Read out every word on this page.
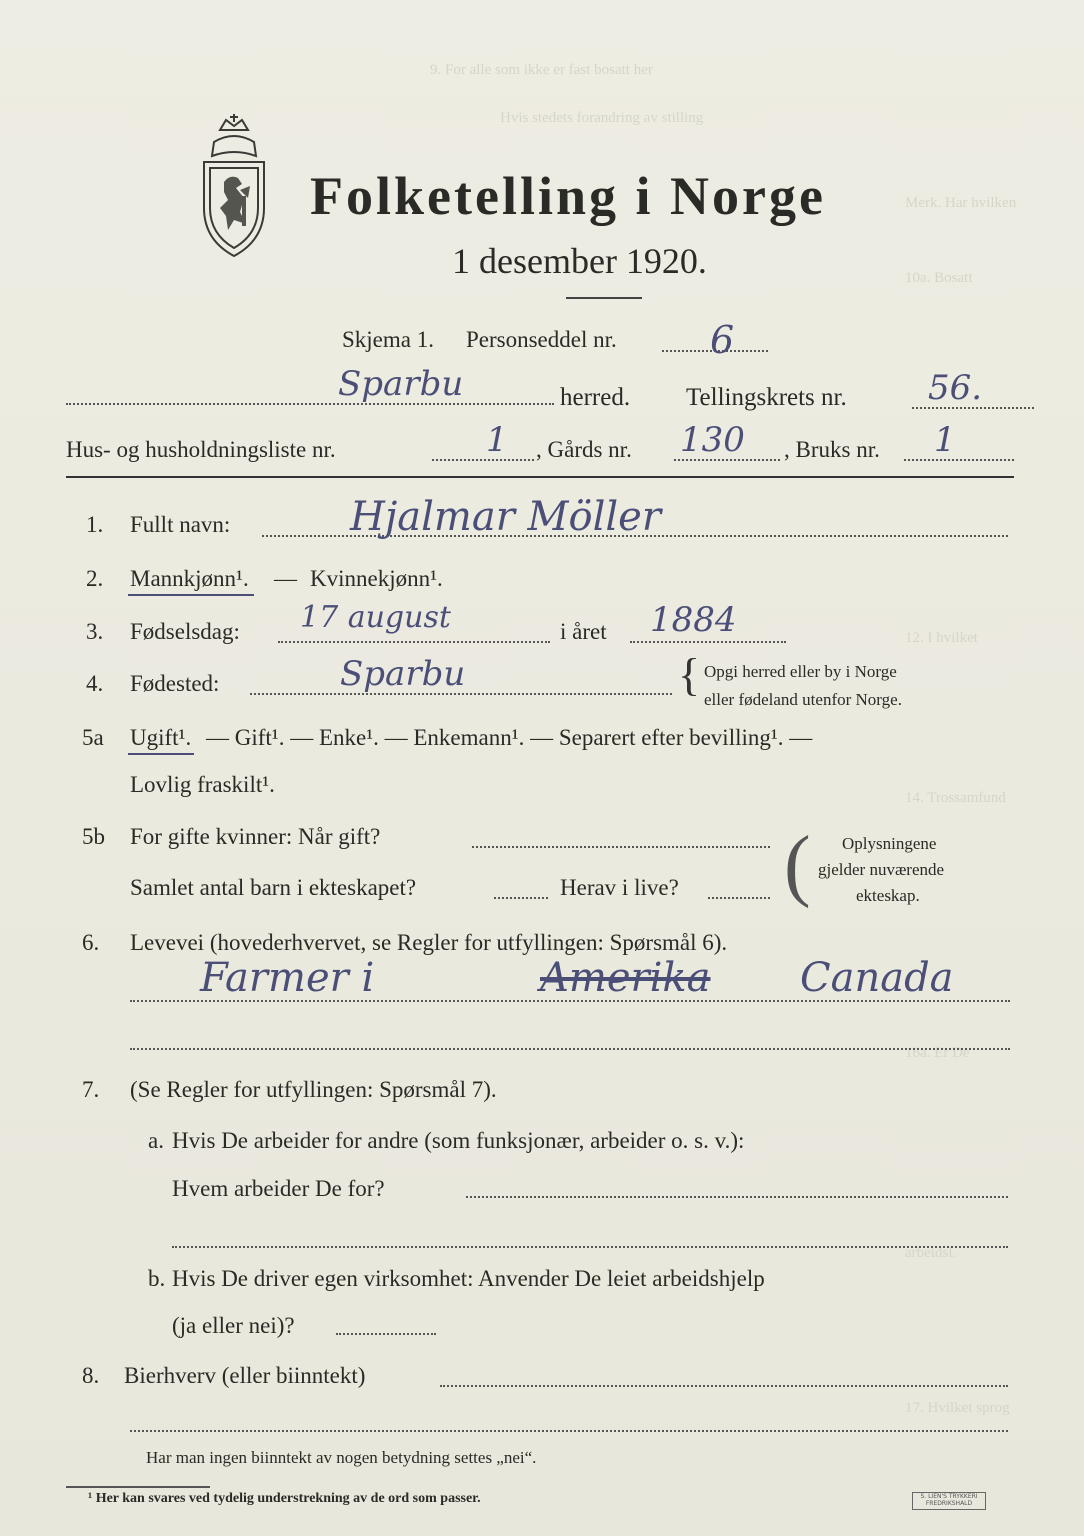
9. For alle som ikke er fast bosatt her
Hvis stedets forandring av stilling
Merk. Har hvilken
10a. Bosatt
12. I hvilket
14. Trossamfund
16a. Er De
arbeidsl.
17. Hvilket sprog
Folketelling i Norge
1 desember 1920.
Skjema 1. Personseddel nr. 6
Sparbu	herred. Tellingskrets nr. 56.
Hus- og husholdningsliste nr.	1 , Gårds nr. 130 , Bruks nr. 1
1. Fullt navn:	Hjalmar Möller
2. Mannkjønn¹. — Kvinnekjønn¹.
3. Fødselsdag: 17 august	i året 1884
4. Fødested:	Sparbu	{ Opgi herred eller by i Norge
eller fødeland utenfor Norge.
5a Ugift¹. — Gift¹. — Enke¹. — Enkemann¹. — Separert efter bevilling¹. —
Lovlig fraskilt¹.
5b For gifte kvinner: Når gift?
Samlet antal barn i ekteskapet?	Herav i live? ( Oplysningene
gjelder nuværende
ekteskap.
6. Levevei (hovederhvervet, se Regler for utfyllingen: Spørsmål 6).
Farmer i	Amerika Canada
7. (Se Regler for utfyllingen: Spørsmål 7).
a. Hvis De arbeider for andre (som funksjonær, arbeider o. s. v.):
Hvem arbeider De for?
b. Hvis De driver egen virksomhet: Anvender De leiet arbeidshjelp
(ja eller nei)?
8. Bierhverv (eller biinntekt)
Har man ingen biinntekt av nogen betydning settes „nei“.
¹ Her kan svares ved tydelig understrekning av de ord som passer.	S. LIEN'S TRYKKERI
FREDRIKSHALD
